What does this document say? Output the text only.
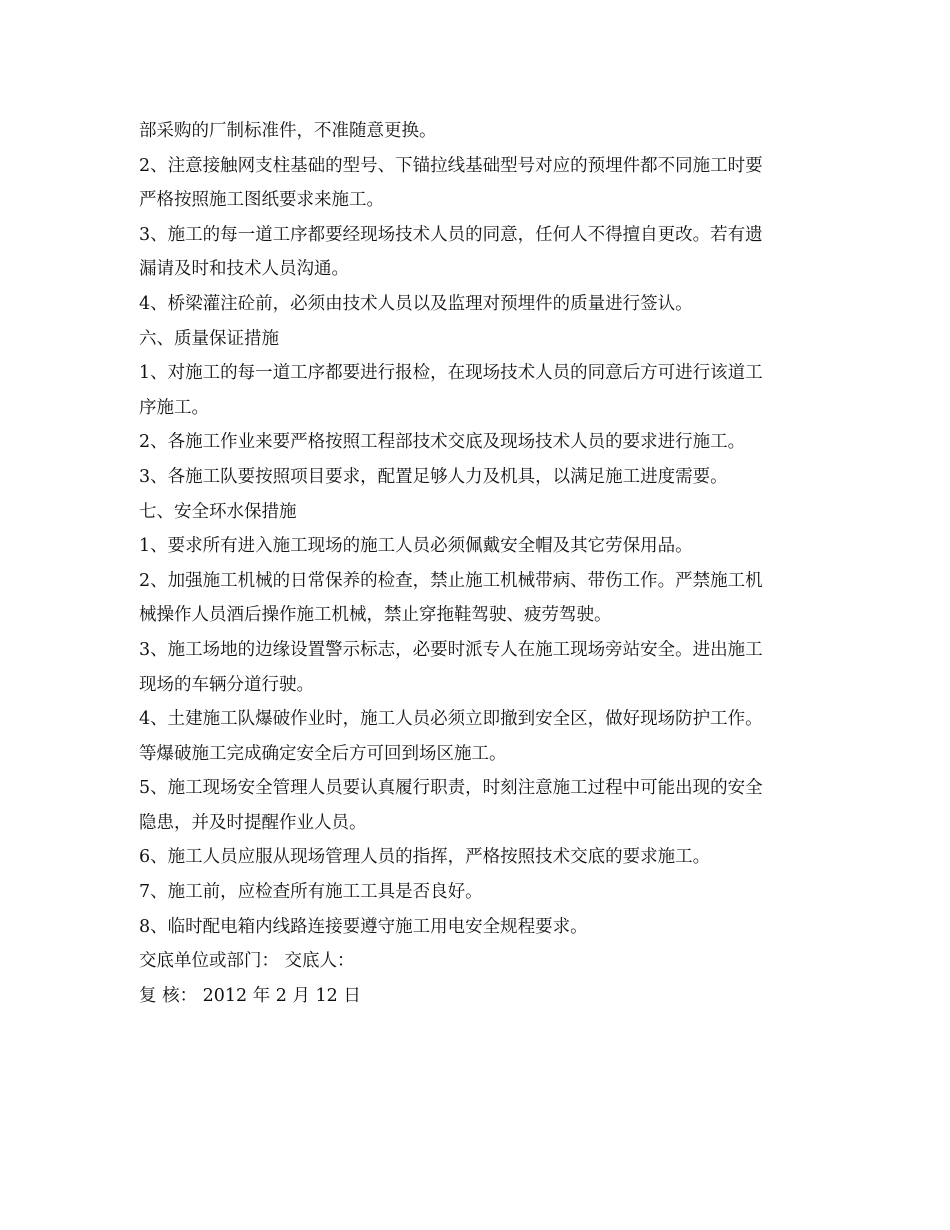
部采购的厂制标准件，不准随意更换。
2、注意接触网支柱基础的型号、下锚拉线基础型号对应的预埋件都不同施工时要
严格按照施工图纸要求来施工。
3、施工的每一道工序都要经现场技术人员的同意，任何人不得擅自更改。若有遗
漏请及时和技术人员沟通。
4、桥梁灌注砼前，必须由技术人员以及监理对预埋件的质量进行签认。
六、质量保证措施
1、对施工的每一道工序都要进行报检，在现场技术人员的同意后方可进行该道工
序施工。
2、各施工作业来要严格按照工程部技术交底及现场技术人员的要求进行施工。
3、各施工队要按照项目要求，配置足够人力及机具，以满足施工进度需要。
七、安全环水保措施
1、要求所有进入施工现场的施工人员必须佩戴安全帽及其它劳保用品。
2、加强施工机械的日常保养的检查，禁止施工机械带病、带伤工作。严禁施工机
械操作人员酒后操作施工机械，禁止穿拖鞋驾驶、疲劳驾驶。
3、施工场地的边缘设置警示标志，必要时派专人在施工现场旁站安全。进出施工
现场的车辆分道行驶。
4、土建施工队爆破作业时，施工人员必须立即撤到安全区，做好现场防护工作。
等爆破施工完成确定安全后方可回到场区施工。
5、施工现场安全管理人员要认真履行职责，时刻注意施工过程中可能出现的安全
隐患，并及时提醒作业人员。
6、施工人员应服从现场管理人员的指挥，严格按照技术交底的要求施工。
7、施工前，应检查所有施工工具是否良好。
8、临时配电箱内线路连接要遵守施工用电安全规程要求。
交底单位或部门： 交底人：
复 核： 2012 年 2 月 12 日
